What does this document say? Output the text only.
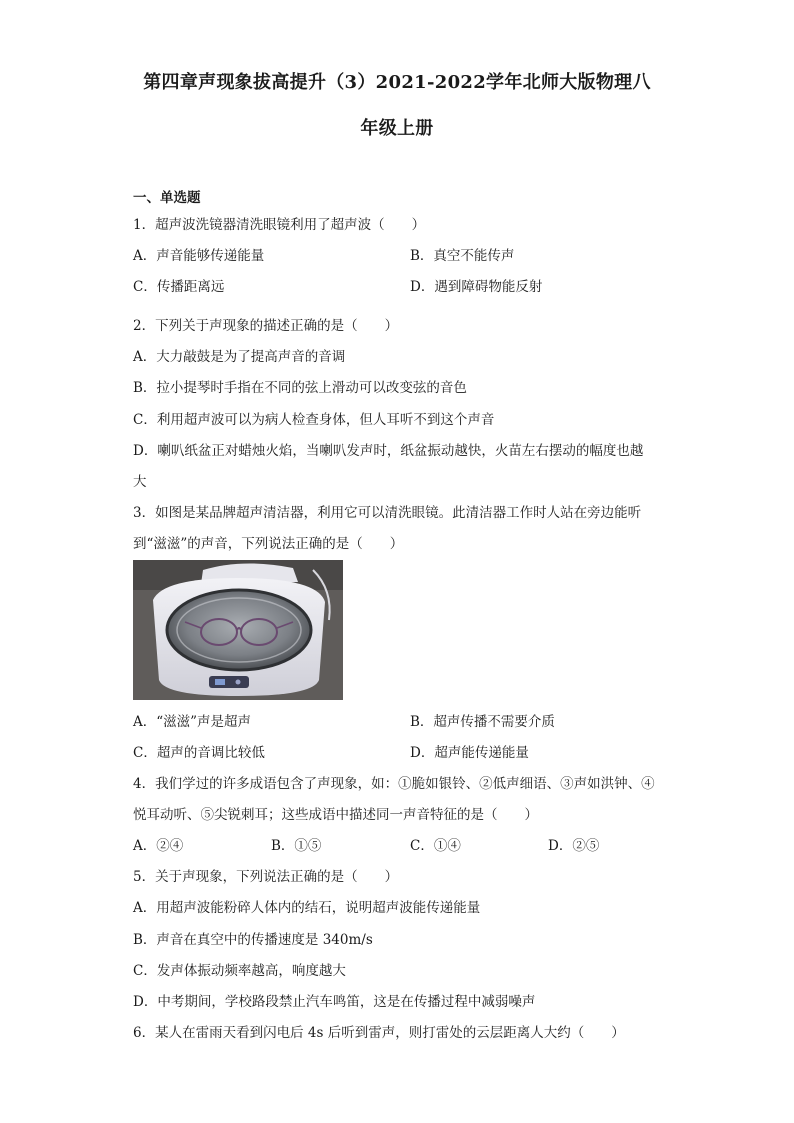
第四章声现象拔高提升（3）2021-2022学年北师大版物理八
年级上册
一、单选题
1．超声波洗镜器清洗眼镜利用了超声波（　　）
A．声音能够传递能量	B．真空不能传声
C．传播距离远	D．遇到障碍物能反射
2．下列关于声现象的描述正确的是（　　）
A．大力敲鼓是为了提高声音的音调
B．拉小提琴时手指在不同的弦上滑动可以改变弦的音色
C．利用超声波可以为病人检查身体，但人耳听不到这个声音
D．喇叭纸盆正对蜡烛火焰，当喇叭发声时，纸盆振动越快，火苗左右摆动的幅度也越
大
3．如图是某品牌超声清洁器，利用它可以清洗眼镜。此清洁器工作时人站在旁边能听
到“滋滋”的声音，下列说法正确的是（　　）
A．“滋滋”声是超声	B．超声传播不需要介质
C．超声的音调比较低	D．超声能传递能量
4．我们学过的许多成语包含了声现象，如：①脆如银铃、②低声细语、③声如洪钟、④
悦耳动听、⑤尖锐刺耳；这些成语中描述同一声音特征的是（　　）
A．②④	B．①⑤	C．①④	D．②⑤
5．关于声现象，下列说法正确的是（　　）
A．用超声波能粉碎人体内的结石，说明超声波能传递能量
B．声音在真空中的传播速度是 340m/s
C．发声体振动频率越高，响度越大
D．中考期间，学校路段禁止汽车鸣笛，这是在传播过程中减弱噪声
6．某人在雷雨天看到闪电后 4s 后听到雷声，则打雷处的云层距离人大约（　　）
